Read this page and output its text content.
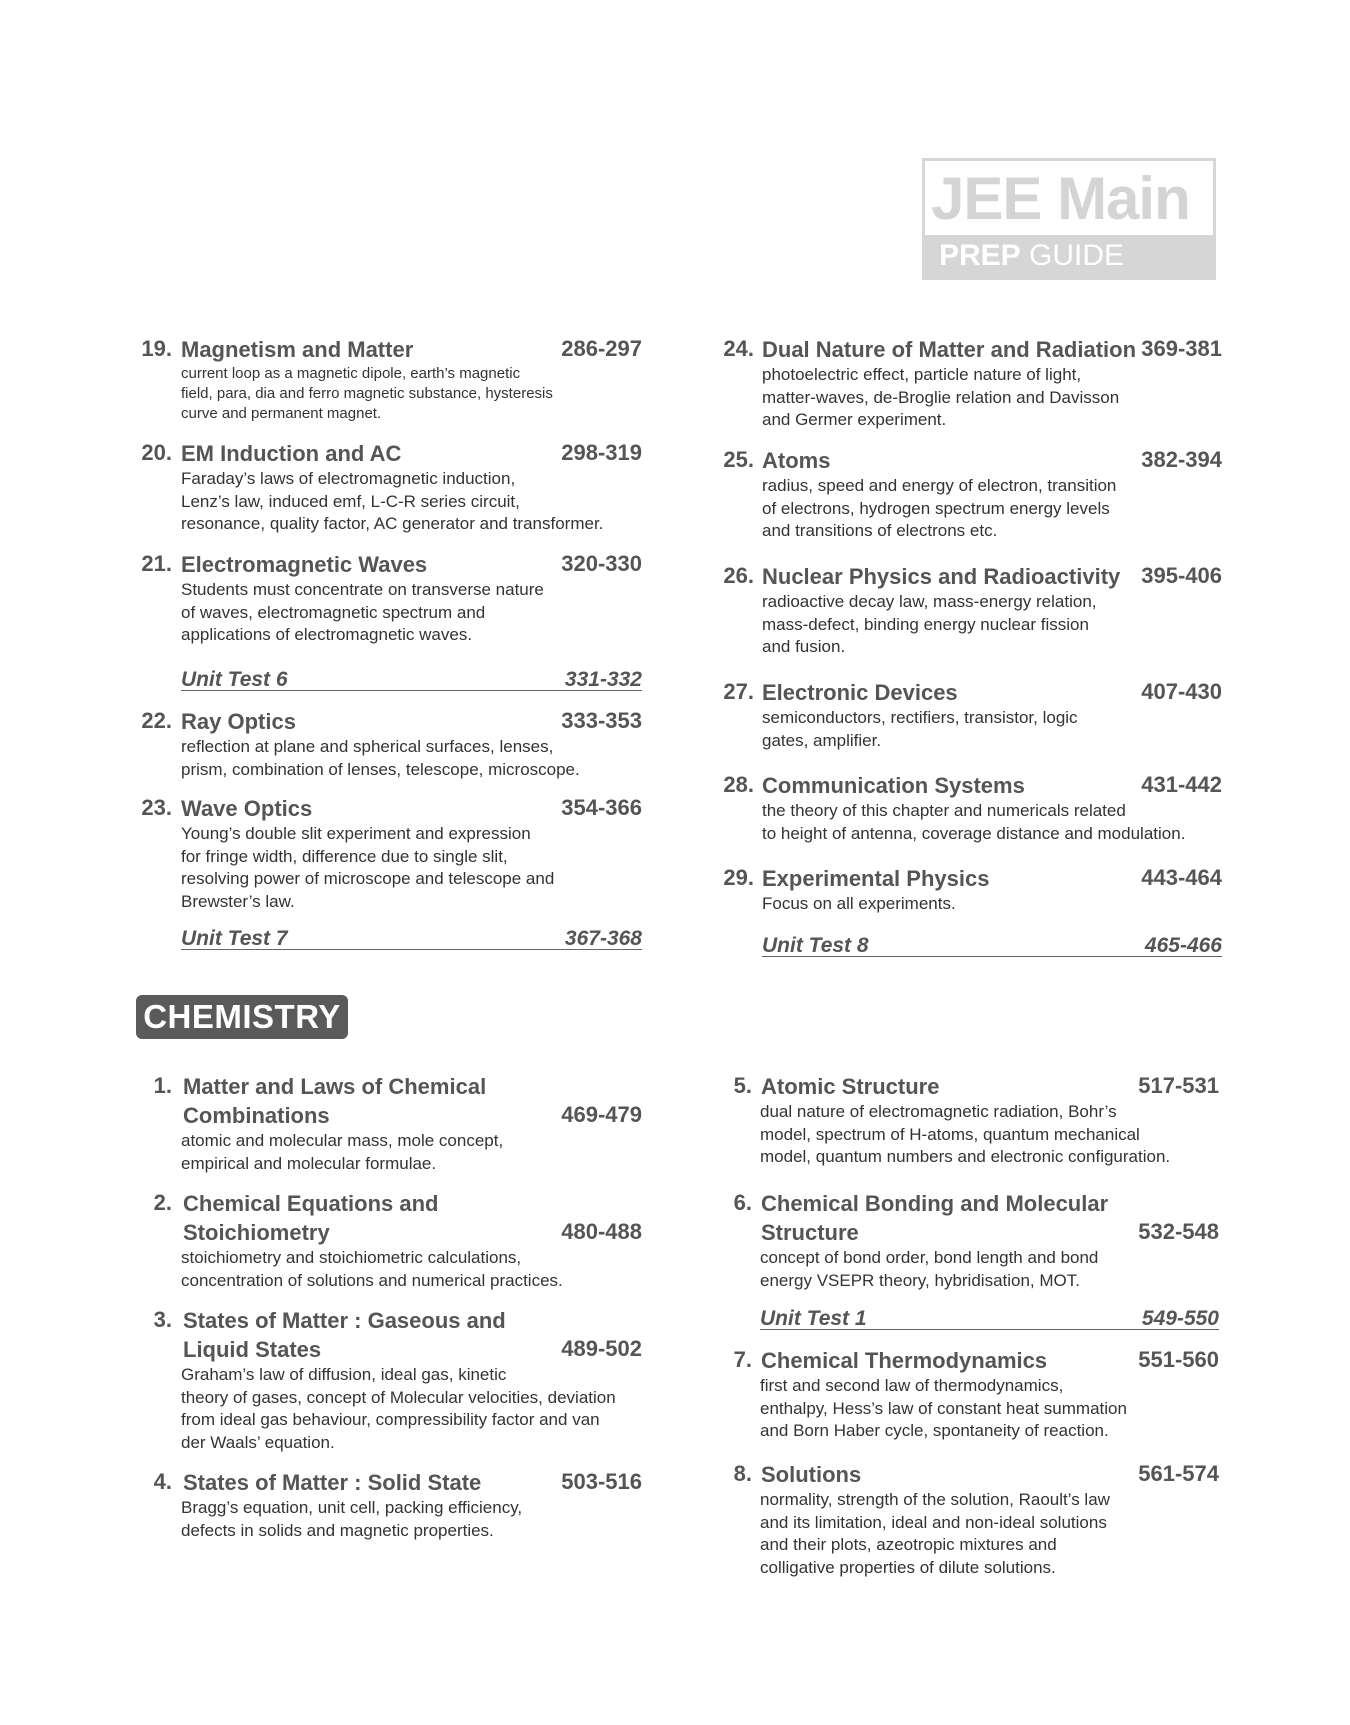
JEE Main
PREP GUIDE
19. Magnetism and Matter	286-297

current loop as a magnetic dipole, earth’s magnetic

field, para, dia and ferro magnetic substance, hysteresis

curve and permanent magnet.

20. EM Induction and AC	298-319

Faraday’s laws of electromagnetic induction,

Lenz’s law, induced emf, L-C-R series circuit,

resonance, quality factor, AC generator and transformer.

21. Electromagnetic Waves	320-330

Students must concentrate on transverse nature

of waves, electromagnetic spectrum and

applications of electromagnetic waves.

Unit Test 6	331-332
22. Ray Optics	333-353

reflection at plane and spherical surfaces, lenses,

prism, combination of lenses, telescope, microscope.

23. Wave Optics	354-366

Young’s double slit experiment and expression

for fringe width, difference due to single slit,

resolving power of microscope and telescope and

Brewster’s law.

Unit Test 7	367-368
24. Dual Nature of Matter and Radiation 369-381

photoelectric effect, particle nature of light,

matter-waves, de-Broglie relation and Davisson

and Germer experiment.

25. Atoms	382-394

radius, speed and energy of electron, transition

of electrons, hydrogen spectrum energy levels

and transitions of electrons etc.

26. Nuclear Physics and Radioactivity 395-406

radioactive decay law, mass-energy relation,

mass-defect, binding energy nuclear fission

and fusion.

27. Electronic Devices	407-430

semiconductors, rectifiers, transistor, logic

gates, amplifier.

28. Communication Systems	431-442

the theory of this chapter and numericals related

to height of antenna, coverage distance and modulation.

29. Experimental Physics	443-464

Focus on all experiments.

Unit Test 8	465-466
CHEMISTRY
1. Matter and Laws of Chemical
Combinations	469-479

atomic and molecular mass, mole concept,

empirical and molecular formulae.

2. Chemical Equations and
Stoichiometry	480-488

stoichiometry and stoichiometric calculations,

concentration of solutions and numerical practices.

3. States of Matter : Gaseous and
Liquid States	489-502

Graham’s law of diffusion, ideal gas, kinetic

theory of gases, concept of Molecular velocities, deviation

from ideal gas behaviour, compressibility factor and van

der Waals’ equation.

4. States of Matter : Solid State	503-516

Bragg’s equation, unit cell, packing efficiency,

defects in solids and magnetic properties.

5. Atomic Structure	517-531

dual nature of electromagnetic radiation, Bohr’s

model, spectrum of H-atoms, quantum mechanical

model, quantum numbers and electronic configuration.

6. Chemical Bonding and Molecular
Structure	532-548

concept of bond order, bond length and bond

energy VSEPR theory, hybridisation, MOT.

Unit Test 1	549-550
7. Chemical Thermodynamics	551-560

first and second law of thermodynamics,

enthalpy, Hess’s law of constant heat summation

and Born Haber cycle, spontaneity of reaction.

8. Solutions	561-574

normality, strength of the solution, Raoult’s law

and its limitation, ideal and non-ideal solutions

and their plots, azeotropic mixtures and

colligative properties of dilute solutions.
